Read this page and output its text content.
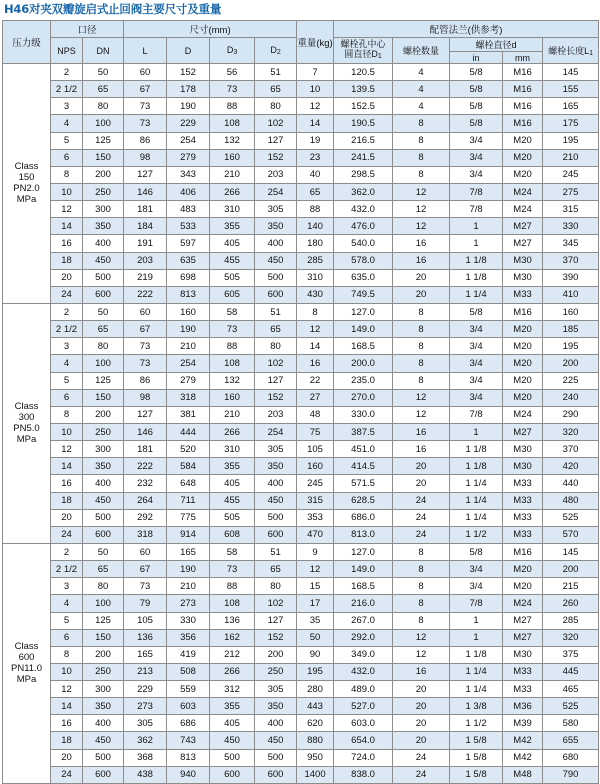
H46对夹双瓣旋启式止回阀主要尺寸及重量
压力级	口径		尺寸(mm)				重量(kg)	配管法兰(供参考)				
	NPS	DN	L	D	$D_3$	$D_2$		螺栓孔中心
圆直径$D_1$	螺栓数量	螺栓直径d		螺栓长度$L_1$
										in	mm	

Class
150
PN2.0
MPa	2	50	60	152	56	51	7	120.5	4	5/8	M16	145
	2 1/2	65	67	178	73	65	10	139.5	4	5/8	M16	155
	3	80	73	190	88	80	12	152.5	4	5/8	M16	165
	4	100	73	229	108	102	14	190.5	8	5/8	M16	175
	5	125	86	254	132	127	19	216.5	8	3/4	M20	195
	6	150	98	279	160	152	23	241.5	8	3/4	M20	210
	8	200	127	343	210	203	40	298.5	8	3/4	M20	245
	10	250	146	406	266	254	65	362.0	12	7/8	M24	275
	12	300	181	483	310	305	88	432.0	12	7/8	M24	315
	14	350	184	533	355	350	140	476.0	12	1	M27	330
	16	400	191	597	405	400	180	540.0	16	1	M27	345
	18	450	203	635	455	450	285	578.0	16	1 1/8	M30	370
	20	500	219	698	505	500	310	635.0	20	1 1/8	M30	390
	24	600	222	813	605	600	430	749.5	20	1 1/4	M33	410

Class
300
PN5.0
MPa	2	50	60	160	58	51	8	127.0	8	5/8	M16	160
	2 1/2	65	67	190	73	65	12	149.0	8	3/4	M20	185
	3	80	73	210	88	80	14	168.5	8	3/4	M20	195
	4	100	73	254	108	102	16	200.0	8	3/4	M20	200
	5	125	86	279	132	127	22	235.0	8	3/4	M20	225
	6	150	98	318	160	152	27	270.0	12	3/4	M20	240
	8	200	127	381	210	203	48	330.0	12	7/8	M24	290
	10	250	146	444	266	254	75	387.5	16	1	M27	320
	12	300	181	520	310	305	105	451.0	16	1 1/8	M30	370
	14	350	222	584	355	350	160	414.5	20	1 1/8	M30	420
	16	400	232	648	405	400	245	571.5	20	1 1/4	M33	440
	18	450	264	711	455	450	315	628.5	24	1 1/4	M33	480
	20	500	292	775	505	500	353	686.0	24	1 1/4	M33	525
	24	600	318	914	608	600	470	813.0	24	1 1/2	M33	570

Class
600
PN11.0
MPa	2	50	60	165	58	51	9	127.0	8	5/8	M16	145
	2 1/2	65	67	190	73	65	12	149.0	8	3/4	M20	200
	3	80	73	210	88	80	15	168.5	8	3/4	M20	215
	4	100	79	273	108	102	17	216.0	8	7/8	M24	260
	5	125	105	330	136	127	35	267.0	8	1	M27	285
	6	150	136	356	162	152	50	292.0	12	1	M27	320
	8	200	165	419	212	200	90	349.0	12	1 1/8	M30	375
	10	250	213	508	266	250	195	432.0	16	1 1/4	M33	445
	12	300	229	559	312	305	280	489.0	20	1 1/4	M33	465
	14	350	273	603	355	350	443	527.0	20	1 3/8	M36	525
	16	400	305	686	405	400	620	603.0	20	1 1/2	M39	580
	18	450	362	743	450	450	880	654.0	20	1 5/8	M42	655
	20	500	368	813	500	500	950	724.0	24	1 5/8	M42	680
	24	600	438	940	600	600	1400	838.0	24	1 5/8	M48	790
